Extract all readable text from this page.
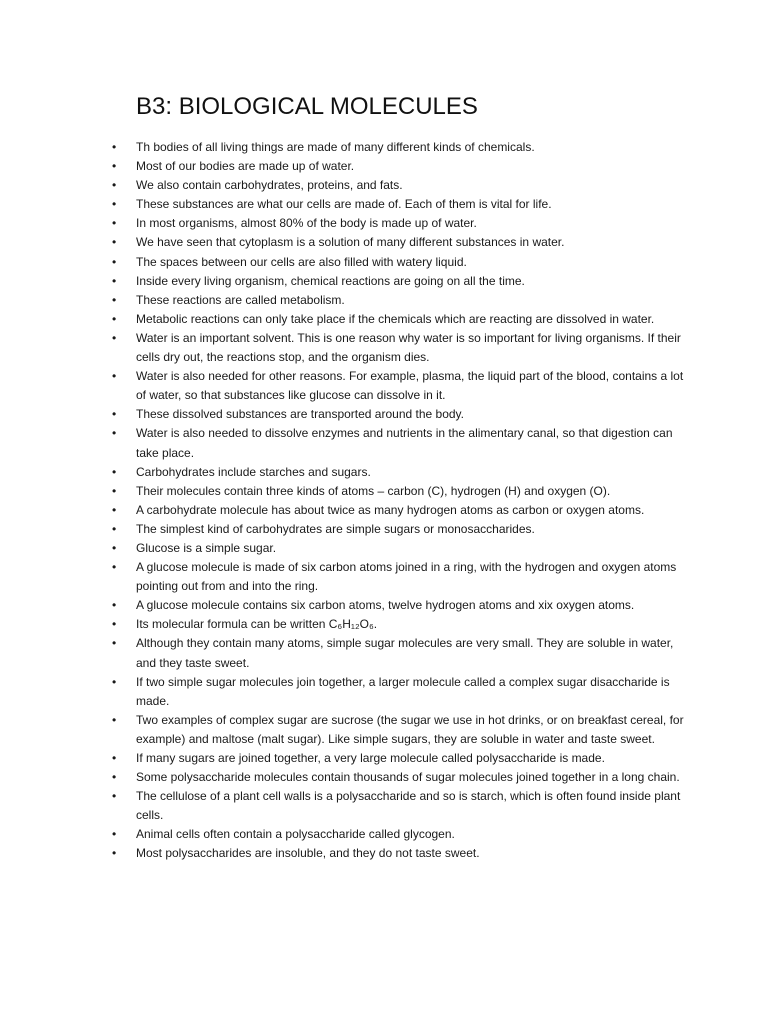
B3: BIOLOGICAL MOLECULES
• Th bodies of all living things are made of many different kinds of chemicals.
• Most of our bodies are made up of water.
• We also contain carbohydrates, proteins, and fats.
• These substances are what our cells are made of. Each of them is vital for life.
• In most organisms, almost 80% of the body is made up of water.
• We have seen that cytoplasm is a solution of many different substances in water.
• The spaces between our cells are also filled with watery liquid.
• Inside every living organism, chemical reactions are going on all the time.
• These reactions are called metabolism.
• Metabolic reactions can only take place if the chemicals which are reacting are dissolved in water.
• Water is an important solvent. This is one reason why water is so important for living organisms. If their cells dry out, the reactions stop, and the organism dies.
• Water is also needed for other reasons. For example, plasma, the liquid part of the blood, contains a lot of water, so that substances like glucose can dissolve in it.
• These dissolved substances are transported around the body.
• Water is also needed to dissolve enzymes and nutrients in the alimentary canal, so that digestion can take place.
• Carbohydrates include starches and sugars.
• Their molecules contain three kinds of atoms – carbon (C), hydrogen (H) and oxygen (O).
• A carbohydrate molecule has about twice as many hydrogen atoms as carbon or oxygen atoms.
• The simplest kind of carbohydrates are simple sugars or monosaccharides.
• Glucose is a simple sugar.
• A glucose molecule is made of six carbon atoms joined in a ring, with the hydrogen and oxygen atoms pointing out from and into the ring.
• A glucose molecule contains six carbon atoms, twelve hydrogen atoms and xix oxygen atoms.
• Its molecular formula can be written C₆H₁₂O₆.
• Although they contain many atoms, simple sugar molecules are very small. They are soluble in water, and they taste sweet.
• If two simple sugar molecules join together, a larger molecule called a complex sugar disaccharide is made.
• Two examples of complex sugar are sucrose (the sugar we use in hot drinks, or on breakfast cereal, for example) and maltose (malt sugar). Like simple sugars, they are soluble in water and taste sweet.
• If many sugars are joined together, a very large molecule called polysaccharide is made.
• Some polysaccharide molecules contain thousands of sugar molecules joined together in a long chain.
• The cellulose of a plant cell walls is a polysaccharide and so is starch, which is often found inside plant cells.
• Animal cells often contain a polysaccharide called glycogen.
• Most polysaccharides are insoluble, and they do not taste sweet.
